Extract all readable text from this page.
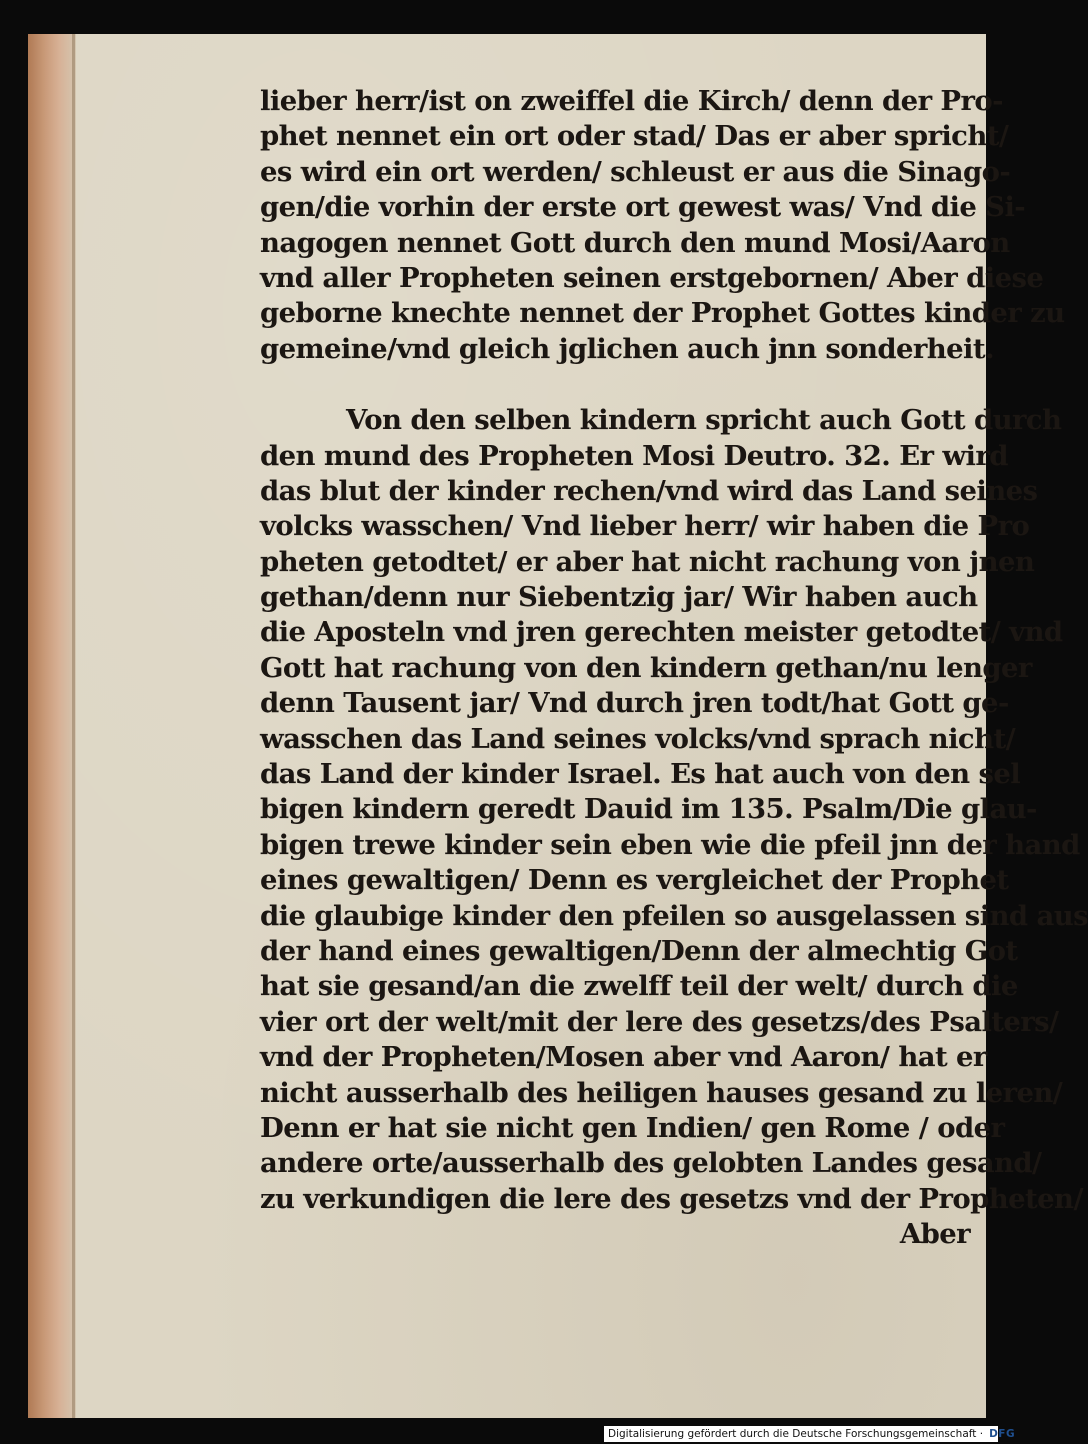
lieber herr/ist on zweiffel die Kirch/ denn der Pro-
phet nennet ein ort oder stad/ Das er aber spricht/
es wird ein ort werden/ schleust er aus die Sinago-
gen/die vorhin der erste ort gewest was/ Vnd die Si-
nagogen nennet Gott durch den mund Mosi/Aaron
vnd aller Propheten seinen erstgebornen/ Aber diese
geborne knechte nennet der Prophet Gottes kinder zu
gemeine/vnd gleich jglichen auch jnn sonderheit.
Von den selben kindern spricht auch Gott durch
den mund des Propheten Mosi Deutro. 32. Er wird
das blut der kinder rechen/vnd wird das Land seines
volcks wasschen/ Vnd lieber herr/ wir haben die Pro
pheten getodtet/ er aber hat nicht rachung von jnen
gethan/denn nur Siebentzig jar/ Wir haben auch
die Aposteln vnd jren gerechten meister getodtet/ vnd
Gott hat rachung von den kindern gethan/nu lenger
denn Tausent jar/ Vnd durch jren todt/hat Gott ge-
wasschen das Land seines volcks/vnd sprach nicht/
das Land der kinder Israel. Es hat auch von den sel
bigen kindern geredt Dauid im 135. Psalm/Die glau-
bigen trewe kinder sein eben wie die pfeil jnn der hand
eines gewaltigen/ Denn es vergleichet der Prophet
die glaubige kinder den pfeilen so ausgelassen sind aus
der hand eines gewaltigen/Denn der almechtig Got
hat sie gesand/an die zwelff teil der welt/ durch die
vier ort der welt/mit der lere des gesetzs/des Psalters/
vnd der Propheten/Mosen aber vnd Aaron/ hat er
nicht ausserhalb des heiligen hauses gesand zu leren/
Denn er hat sie nicht gen Indien/ gen Rome / oder
andere orte/ausserhalb des gelobten Landes gesand/
zu verkundigen die lere des gesetzs vnd der Propheten/
Aber
Digitalisierung gefördert durch die Deutsche Forschungsgemeinschaft · DFG
